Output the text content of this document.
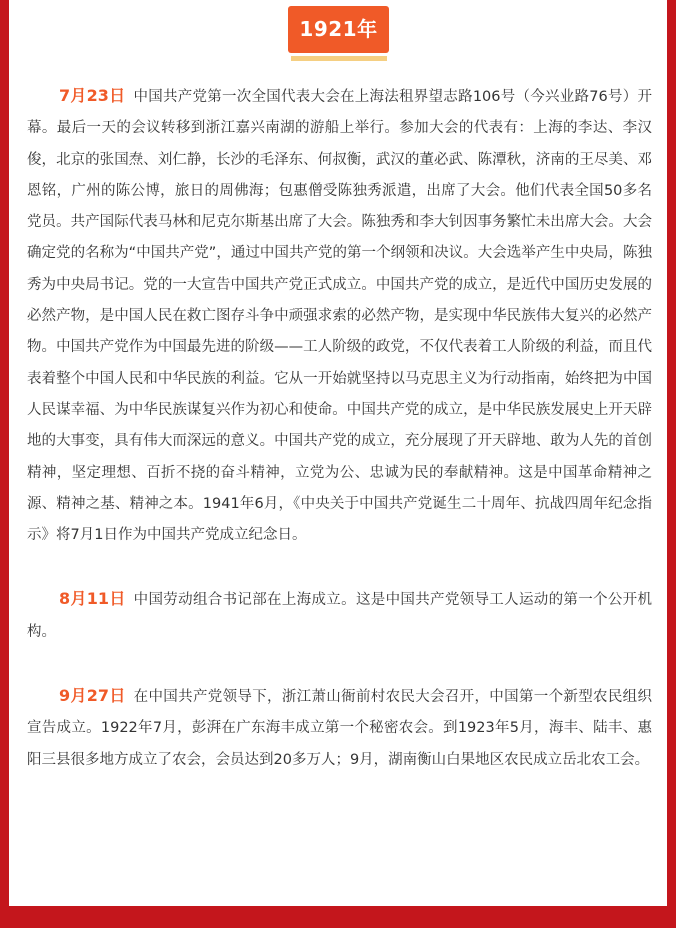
1921年

7月23日 中国共产党第一次全国代表大会在上海法租界望志路106号（今兴业路76号）开幕。最后一天的会议转移到浙江嘉兴南湖的游船上举行。参加大会的代表有：上海的李达、李汉俊，北京的张国焘、刘仁静，长沙的毛泽东、何叔衡，武汉的董必武、陈潭秋，济南的王尽美、邓恩铭，广州的陈公博，旅日的周佛海；包惠僧受陈独秀派遣，出席了大会。他们代表全国50多名党员。共产国际代表马林和尼克尔斯基出席了大会。陈独秀和李大钊因事务繁忙未出席大会。大会确定党的名称为“中国共产党”，通过中国共产党的第一个纲领和决议。大会选举产生中央局，陈独秀为中央局书记。党的一大宣告中国共产党正式成立。中国共产党的成立，是近代中国历史发展的必然产物，是中国人民在救亡图存斗争中顽强求索的必然产物，是实现中华民族伟大复兴的必然产物。中国共产党作为中国最先进的阶级——工人阶级的政党，不仅代表着工人阶级的利益，而且代表着整个中国人民和中华民族的利益。它从一开始就坚持以马克思主义为行动指南，始终把为中国人民谋幸福、为中华民族谋复兴作为初心和使命。中国共产党的成立，是中华民族发展史上开天辟地的大事变，具有伟大而深远的意义。中国共产党的成立，充分展现了开天辟地、敢为人先的首创精神，坚定理想、百折不挠的奋斗精神，立党为公、忠诚为民的奉献精神。这是中国革命精神之源、精神之基、精神之本。1941年6月，《中央关于中国共产党诞生二十周年、抗战四周年纪念指示》将7月1日作为中国共产党成立纪念日。

8月11日 中国劳动组合书记部在上海成立。这是中国共产党领导工人运动的第一个公开机构。

9月27日 在中国共产党领导下，浙江萧山衙前村农民大会召开，中国第一个新型农民组织宣告成立。1922年7月，彭湃在广东海丰成立第一个秘密农会。到1923年5月，海丰、陆丰、惠阳三县很多地方成立了农会，会员达到20多万人；9月，湖南衡山白果地区农民成立岳北农工会。
